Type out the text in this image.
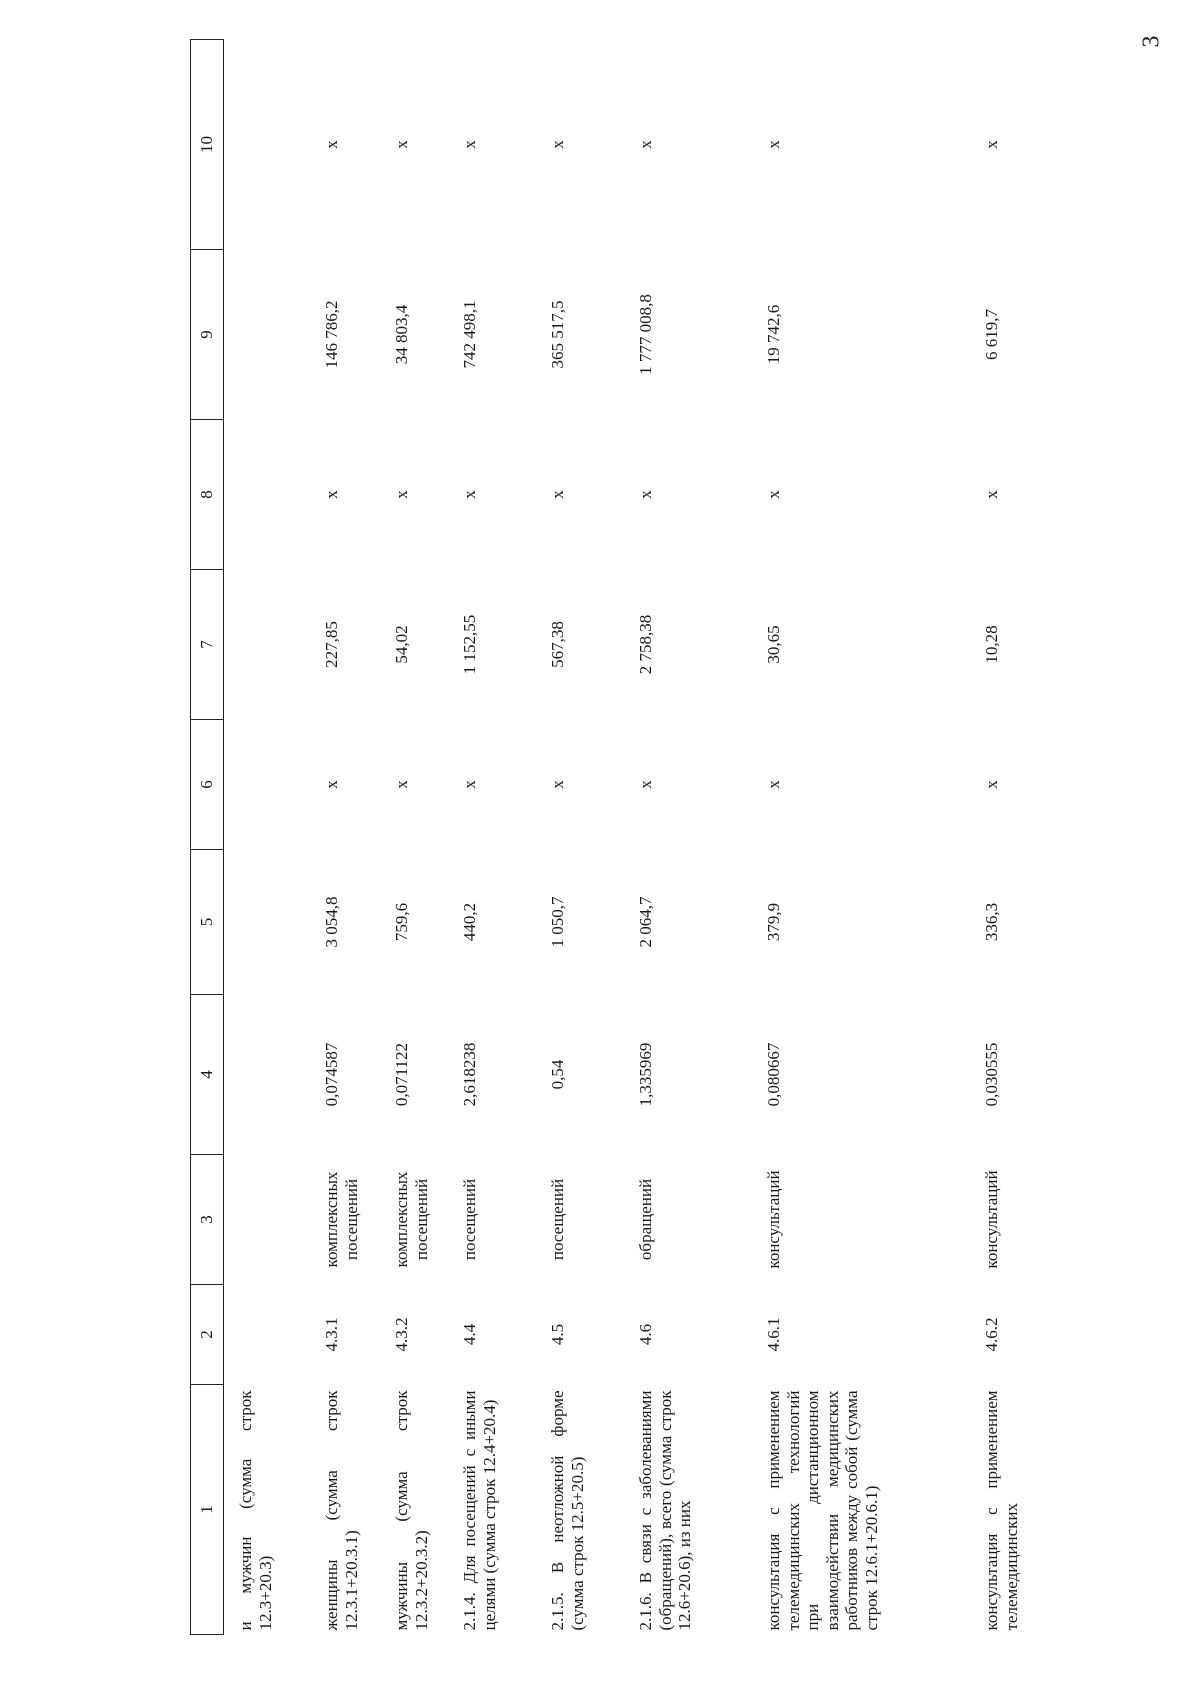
3
1	2	3	4	5	6	7	8	9	10
и мужчин (сумма строк 12.3+20.3)									
женщины (сумма строк 12.3.1+20.3.1)	4.3.1	комплексных посещений	0,074587	3 054,8	х	227,85	х	146 786,2	х
мужчины (сумма строк 12.3.2+20.3.2)	4.3.2	комплексных посещений	0,071122	759,6	х	54,02	х	34 803,4	х
2.1.4. Для посещений с иными целями (сумма строк 12.4+20.4)	4.4	посещений	2,618238	440,2	х	1 152,55	х	742 498,1	х
2.1.5. В неотложной форме (сумма строк 12.5+20.5)	4.5	посещений	0,54	1 050,7	х	567,38	х	365 517,5	х
2.1.6. В связи с заболеваниями (обращений), всего (сумма строк 12.6+20.6), из них	4.6	обращений	1,335969	2 064,7	х	2 758,38	х	1 777 008,8	х
консультация с применением телемедицинских технологий при дистанционном взаимодействии медицинских работников между собой (сумма строк 12.6.1+20.6.1)	4.6.1	консультаций	0,080667	379,9	х	30,65	х	19 742,6	х
консультация с применением телемедицинских	4.6.2	консультаций	0,030555	336,3	х	10,28	х	6 619,7	х
